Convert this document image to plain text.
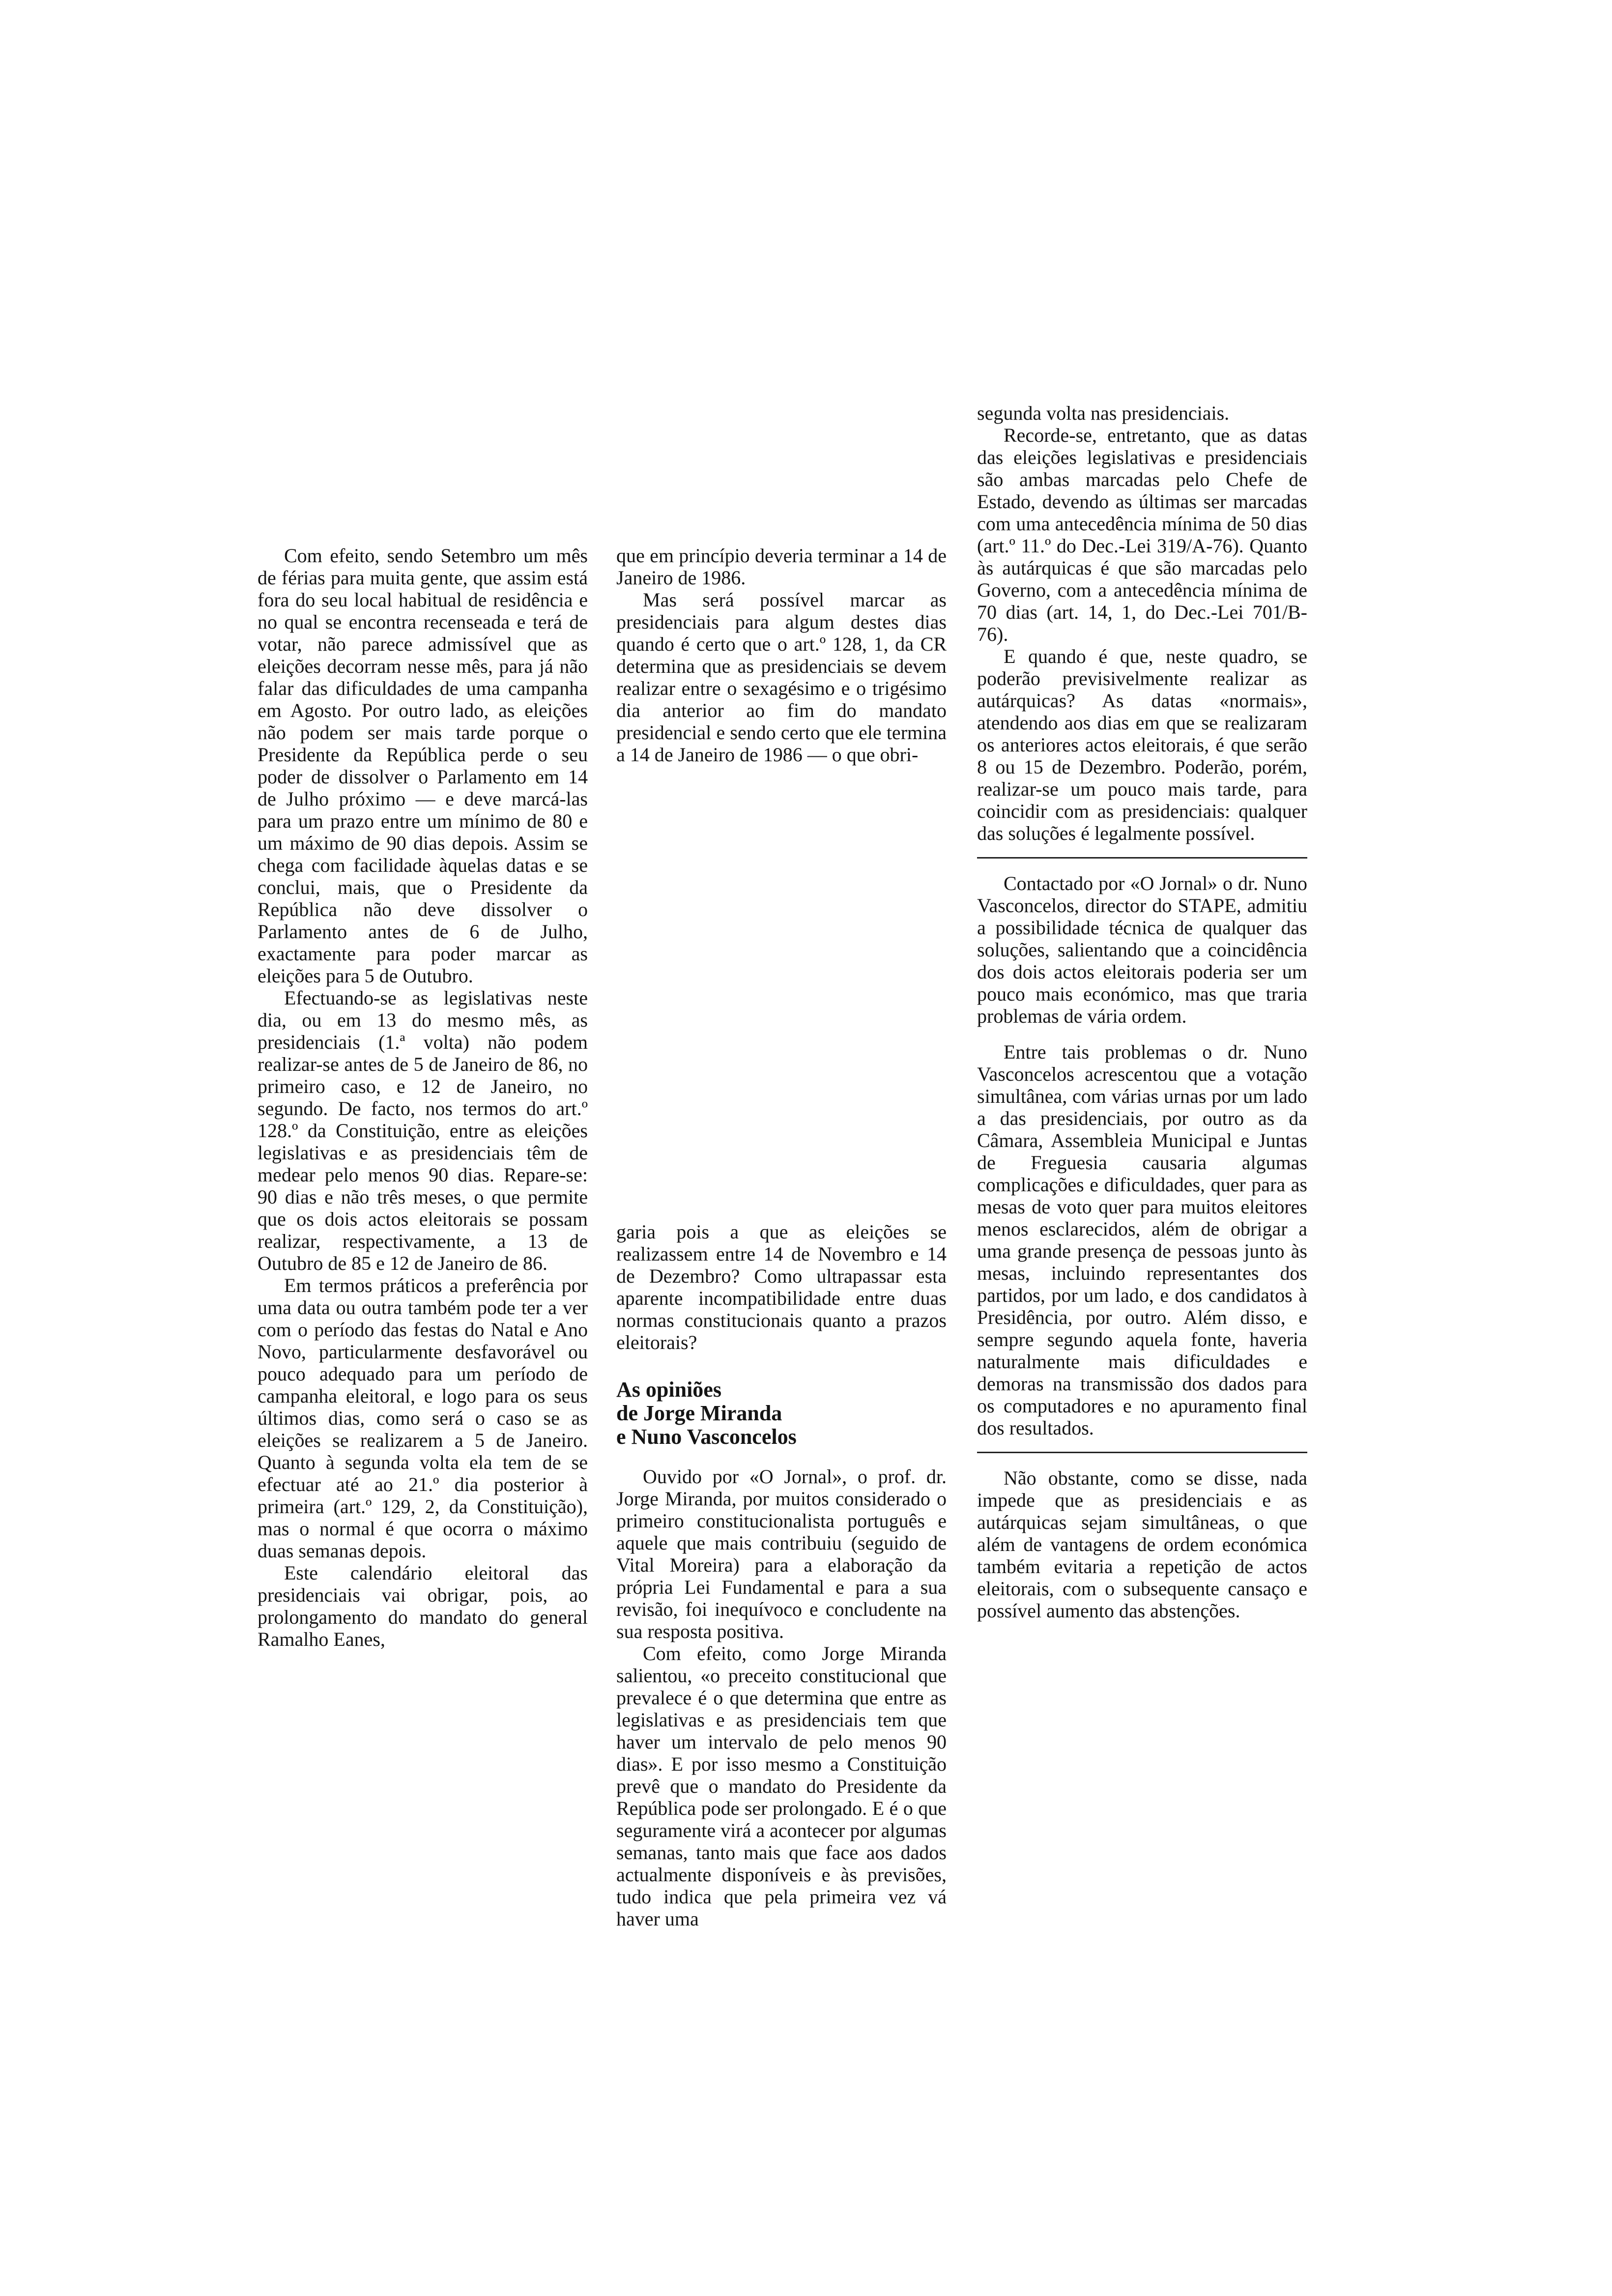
Com efeito, sendo Setembro um mês de férias para muita gente, que assim está fora do seu local habitual de residência e no qual se encontra recenseada e terá de votar, não parece admissível que as eleições decorram nesse mês, para já não falar das dificuldades de uma campanha em Agosto. Por outro lado, as eleições não podem ser mais tarde porque o Presidente da República perde o seu poder de dissolver o Parlamento em 14 de Julho próximo — e deve marcá-las para um prazo entre um mínimo de 80 e um máximo de 90 dias depois. Assim se chega com facilidade àquelas datas e se conclui, mais, que o Presidente da República não deve dissolver o Parlamento antes de 6 de Julho, exactamente para poder marcar as eleições para 5 de Outubro.

Efectuando-se as legislativas neste dia, ou em 13 do mesmo mês, as presidenciais (1.ª volta) não podem realizar-se antes de 5 de Janeiro de 86, no primeiro caso, e 12 de Janeiro, no segundo. De facto, nos termos do art.º 128.º da Constituição, entre as eleições legislativas e as presidenciais têm de medear pelo menos 90 dias. Repare-se: 90 dias e não três meses, o que permite que os dois actos eleitorais se possam realizar, respectivamente, a 13 de Outubro de 85 e 12 de Janeiro de 86.

Em termos práticos a preferência por uma data ou outra também pode ter a ver com o período das festas do Natal e Ano Novo, particularmente desfavorável ou pouco adequado para um período de campanha eleitoral, e logo para os seus últimos dias, como será o caso se as eleições se realizarem a 5 de Janeiro. Quanto à segunda volta ela tem de se efectuar até ao 21.º dia posterior à primeira (art.º 129, 2, da Constituição), mas o normal é que ocorra o máximo duas semanas depois.

Este calendário eleitoral das presidenciais vai obrigar, pois, ao prolongamento do mandato do general Ramalho Eanes,

que em princípio deveria terminar a 14 de Janeiro de 1986.

Mas será possível marcar as presidenciais para algum destes dias quando é certo que o art.º 128, 1, da CR determina que as presidenciais se devem realizar entre o sexagésimo e o trigésimo dia anterior ao fim do mandato presidencial e sendo certo que ele termina a 14 de Janeiro de 1986 — o que obri-

garia pois a que as eleições se realizassem entre 14 de Novembro e 14 de Dezembro? Como ultrapassar esta aparente incompatibilidade entre duas normas constitucionais quanto a prazos eleitorais?

As opiniões
de Jorge Miranda
e Nuno Vasconcelos

Ouvido por «O Jornal», o prof. dr. Jorge Miranda, por muitos considerado o primeiro constitucionalista português e aquele que mais contribuiu (seguido de Vital Moreira) para a elaboração da própria Lei Fundamental e para a sua revisão, foi inequívoco e concludente na sua resposta positiva.

Com efeito, como Jorge Miranda salientou, «o preceito constitucional que prevalece é o que determina que entre as legislativas e as presidenciais tem que haver um intervalo de pelo menos 90 dias». E por isso mesmo a Constituição prevê que o mandato do Presidente da República pode ser prolongado. E é o que seguramente virá a acontecer por algumas semanas, tanto mais que face aos dados actualmente disponíveis e às previsões, tudo indica que pela primeira vez vá haver uma

segunda volta nas presidenciais.

Recorde-se, entretanto, que as datas das eleições legislativas e presidenciais são ambas marcadas pelo Chefe de Estado, devendo as últimas ser marcadas com uma antecedência mínima de 50 dias (art.º 11.º do Dec.-Lei 319/A-76). Quanto às autárquicas é que são marcadas pelo Governo, com a antecedência mínima de 70 dias (art. 14, 1, do Dec.-Lei 701/B-76).

E quando é que, neste quadro, se poderão previsivelmente realizar as autárquicas? As datas «normais», atendendo aos dias em que se realizaram os anteriores actos eleitorais, é que serão 8 ou 15 de Dezembro. Poderão, porém, realizar-se um pouco mais tarde, para coincidir com as presidenciais: qualquer das soluções é legalmente possível.

Contactado por «O Jornal» o dr. Nuno Vasconcelos, director do STAPE, admitiu a possibilidade técnica de qualquer das soluções, salientando que a coincidência dos dois actos eleitorais poderia ser um pouco mais económico, mas que traria problemas de vária ordem.

Entre tais problemas o dr. Nuno Vasconcelos acrescentou que a votação simultânea, com várias urnas por um lado a das presidenciais, por outro as da Câmara, Assembleia Municipal e Juntas de Freguesia causaria algumas complicações e dificuldades, quer para as mesas de voto quer para muitos eleitores menos esclarecidos, além de obrigar a uma grande presença de pessoas junto às mesas, incluindo representantes dos partidos, por um lado, e dos candidatos à Presidência, por outro. Além disso, e sempre segundo aquela fonte, haveria naturalmente mais dificuldades e demoras na transmissão dos dados para os computadores e no apuramento final dos resultados.

Não obstante, como se disse, nada impede que as presidenciais e as autárquicas sejam simultâneas, o que além de vantagens de ordem económica também evitaria a repetição de actos eleitorais, com o subsequente cansaço e possível aumento das abstenções.
